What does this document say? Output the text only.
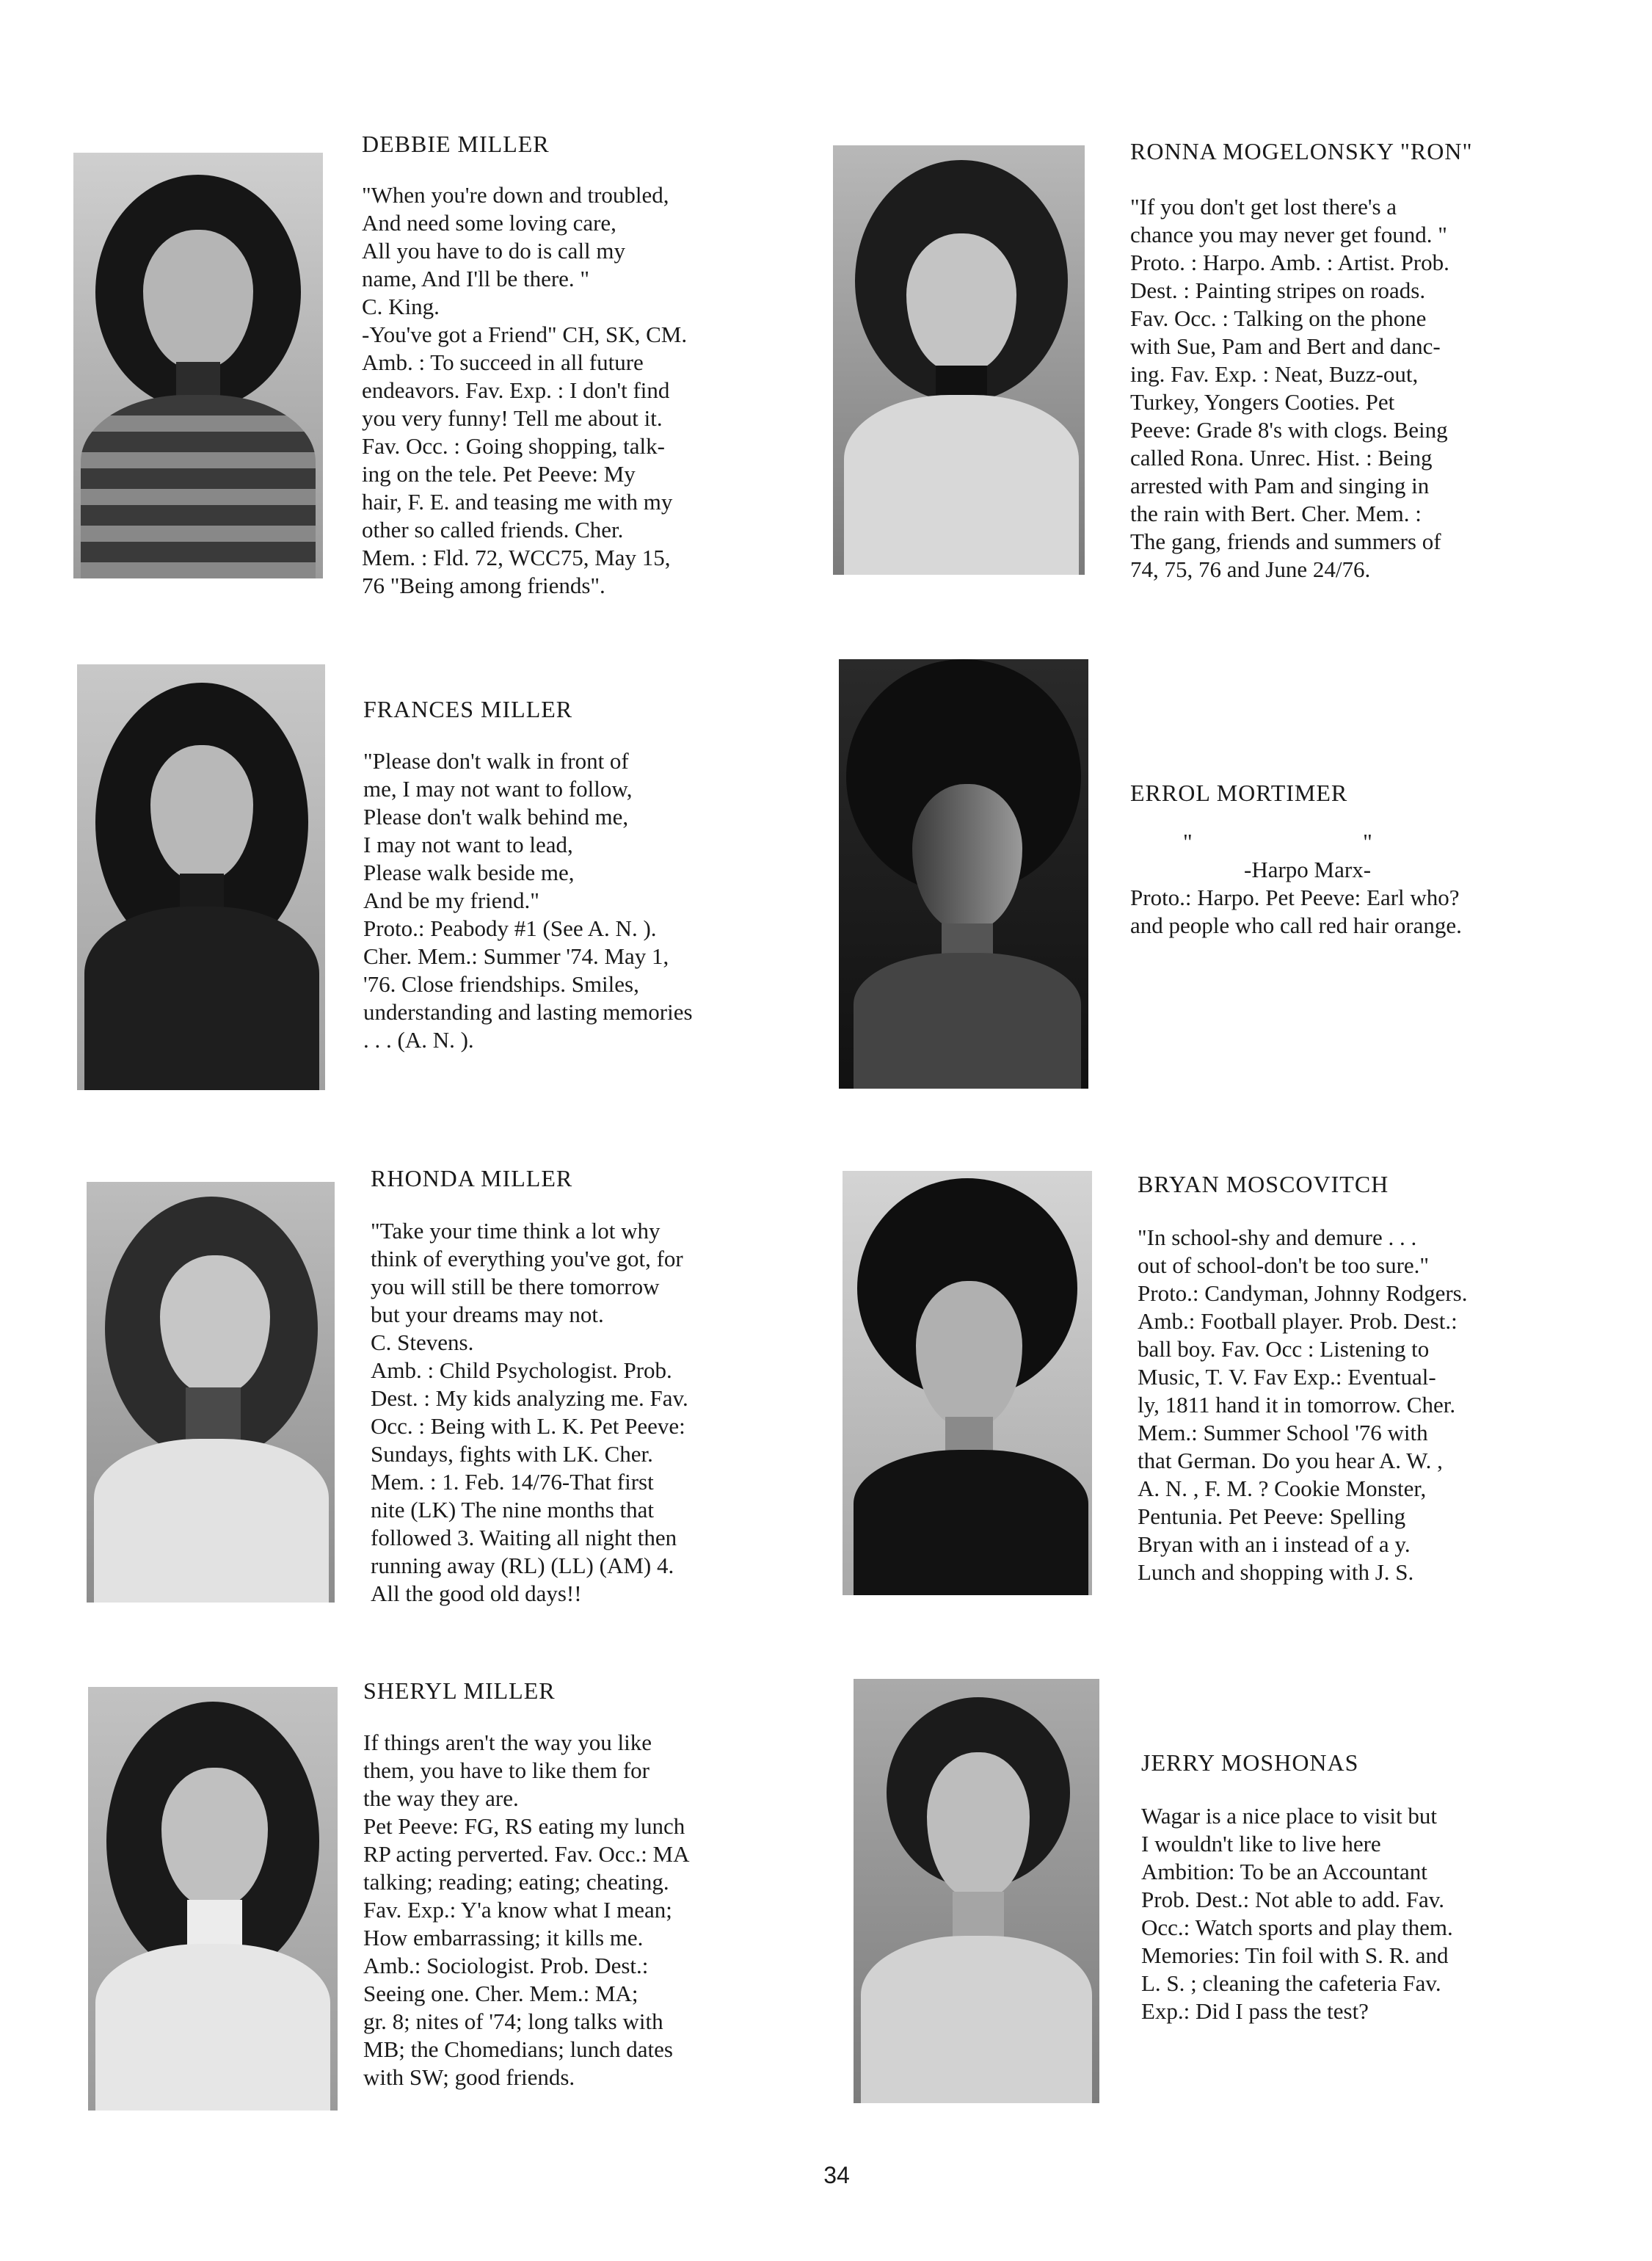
DEBBIE MILLER
"When you're down and troubled,
And need some loving care,
All you have to do is call my
name, And I'll be there. "
C. King.
-You've got a Friend" CH, SK, CM.
Amb. : To succeed in all future
endeavors. Fav. Exp. : I don't find
you very funny! Tell me about it.
Fav. Occ. : Going shopping, talk-
ing on the tele. Pet Peeve: My
hair, F. E. and teasing me with my
other so called friends. Cher.
Mem. : Fld. 72, WCC75, May 15,
76 "Being among friends".
RONNA MOGELONSKY "RON"
"If you don't get lost there's a
chance you may never get found. "
Proto. : Harpo. Amb. : Artist. Prob.
Dest. : Painting stripes on roads.
Fav. Occ. : Talking on the phone
with Sue, Pam and Bert and danc-
ing. Fav. Exp. : Neat, Buzz-out,
Turkey, Yongers Cooties. Pet
Peeve: Grade 8's with clogs. Being
called Rona. Unrec. Hist. : Being
arrested with Pam and singing in
the rain with Bert. Cher. Mem. :
The gang, friends and summers of
74, 75, 76 and June 24/76.
FRANCES MILLER
"Please don't walk in front of
me, I may not want to follow,
Please don't walk behind me,
I may not want to lead,
Please walk beside me,
And be my friend."
Proto.: Peabody #1 (See A. N. ).
Cher. Mem.: Summer '74. May 1,
'76. Close friendships. Smiles,
understanding and lasting memories
. . . (A. N. ).
ERROL MORTIMER
"                              "
-Harpo Marx-
Proto.: Harpo. Pet Peeve: Earl who?
and people who call red hair orange.
RHONDA MILLER
"Take your time think a lot why
think of everything you've got, for
you will still be there tomorrow
but your dreams may not.
C. Stevens.
Amb. : Child Psychologist. Prob.
Dest. : My kids analyzing me. Fav.
Occ. : Being with L. K. Pet Peeve:
Sundays, fights with LK. Cher.
Mem. : 1. Feb. 14/76-That first
nite (LK) The nine months that
followed 3. Waiting all night then
running away (RL) (LL) (AM) 4.
All the good old days!!
BRYAN MOSCOVITCH
"In school-shy and demure . . .
out of school-don't be too sure."
Proto.: Candyman, Johnny Rodgers.
Amb.: Football player. Prob. Dest.:
ball boy. Fav. Occ : Listening to
Music, T. V. Fav Exp.: Eventual-
ly, 1811 hand it in tomorrow. Cher.
Mem.: Summer School '76 with
that German. Do you hear A. W. ,
A. N. , F. M. ? Cookie Monster,
Pentunia. Pet Peeve: Spelling
Bryan with an i instead of a y.
Lunch and shopping with J. S.
SHERYL MILLER
If things aren't the way you like
them, you have to like them for
the way they are.
Pet Peeve: FG, RS eating my lunch
RP acting perverted. Fav. Occ.: MA
talking; reading; eating; cheating.
Fav. Exp.: Y'a know what I mean;
How embarrassing; it kills me.
Amb.: Sociologist. Prob. Dest.:
Seeing one. Cher. Mem.: MA;
gr. 8; nites of '74; long talks with
MB; the Chomedians; lunch dates
with SW; good friends.
JERRY MOSHONAS
Wagar is a nice place to visit but
I wouldn't like to live here
Ambition: To be an Accountant
Prob. Dest.: Not able to add. Fav.
Occ.: Watch sports and play them.
Memories: Tin foil with S. R. and
L. S. ; cleaning the cafeteria Fav.
Exp.: Did I pass the test?
34
